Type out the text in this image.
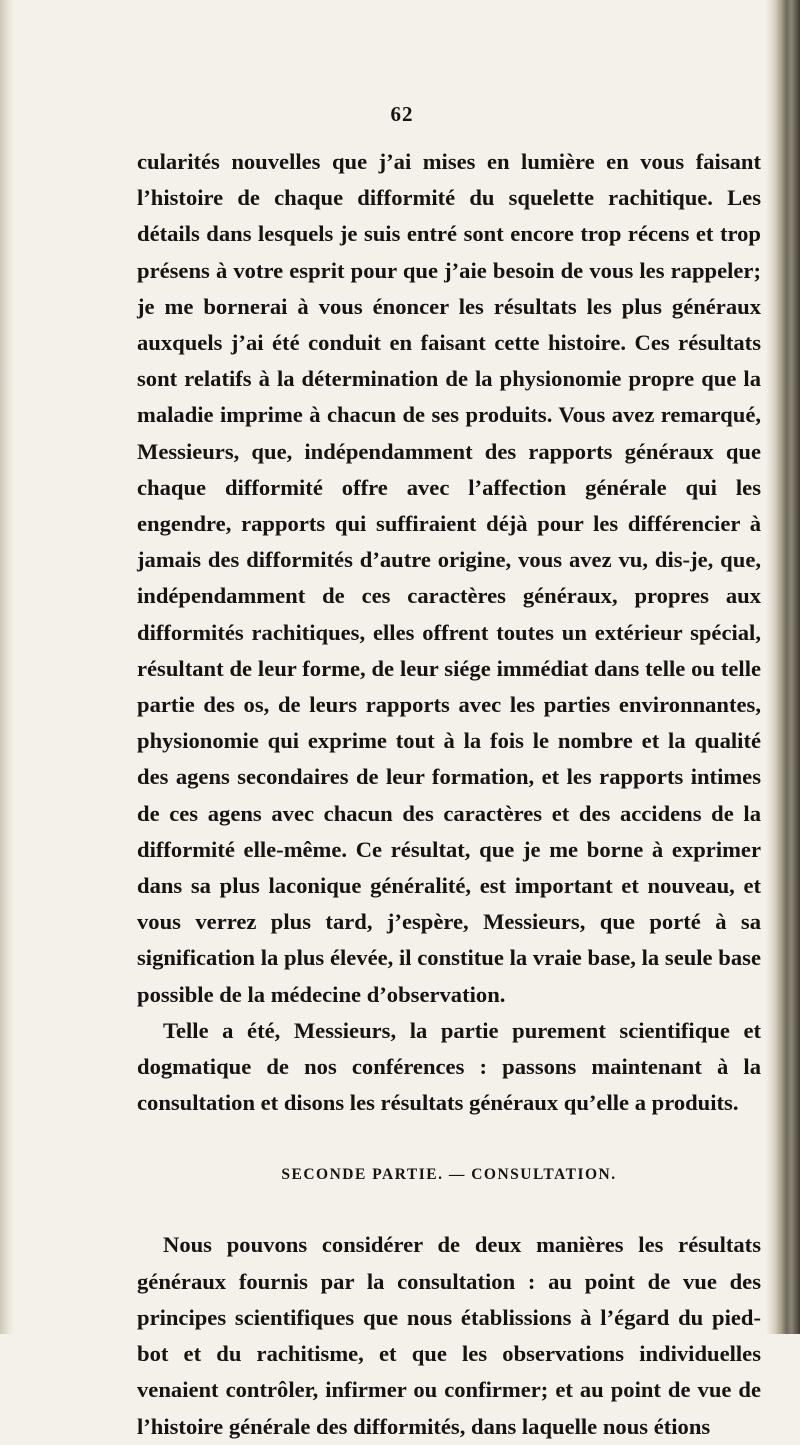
62

cularités nouvelles que j’ai mises en lumière en vous faisant l’histoire de chaque difformité du squelette rachitique. Les détails dans lesquels je suis entré sont encore trop récens et trop présens à votre esprit pour que j’aie besoin de vous les rappeler; je me bornerai à vous énoncer les résultats les plus généraux auxquels j’ai été conduit en faisant cette histoire. Ces résultats sont relatifs à la détermination de la physionomie propre que la maladie imprime à chacun de ses produits. Vous avez remarqué, Messieurs, que, indépendamment des rapports généraux que chaque difformité offre avec l’affection générale qui les engendre, rapports qui suffiraient déjà pour les différencier à jamais des difformités d’autre origine, vous avez vu, dis-je, que, indépendamment de ces caractères généraux, propres aux difformités rachitiques, elles offrent toutes un extérieur spécial, résultant de leur forme, de leur siége immédiat dans telle ou telle partie des os, de leurs rapports avec les parties environnantes, physionomie qui exprime tout à la fois le nombre et la qualité des agens secondaires de leur formation, et les rapports intimes de ces agens avec chacun des caractères et des accidens de la difformité elle-même. Ce résultat, que je me borne à exprimer dans sa plus laconique généralité, est important et nouveau, et vous verrez plus tard, j’espère, Messieurs, que porté à sa signification la plus élevée, il constitue la vraie base, la seule base possible de la médecine d’observation.

Telle a été, Messieurs, la partie purement scientifique et dogmatique de nos conférences : passons maintenant à la consultation et disons les résultats généraux qu’elle a produits.

SECONDE PARTIE. — CONSULTATION.

Nous pouvons considérer de deux manières les résultats généraux fournis par la consultation : au point de vue des principes scientifiques que nous établissions à l’égard du pied-bot et du rachitisme, et que les observations individuelles venaient contrôler, infirmer ou confirmer; et au point de vue de l’histoire générale des difformités, dans laquelle nous étions
